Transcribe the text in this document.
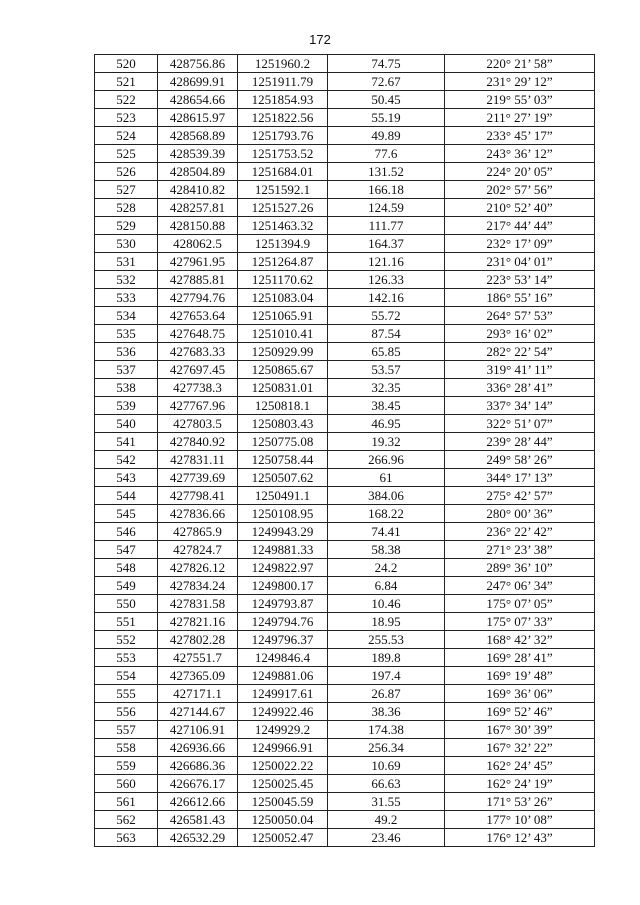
172
520	428756.86	1251960.2	74.75	220° 21’ 58”
521	428699.91	1251911.79	72.67	231° 29’ 12”
522	428654.66	1251854.93	50.45	219° 55’ 03”
523	428615.97	1251822.56	55.19	211° 27’ 19”
524	428568.89	1251793.76	49.89	233° 45’ 17”
525	428539.39	1251753.52	77.6	243° 36’ 12”
526	428504.89	1251684.01	131.52	224° 20’ 05”
527	428410.82	1251592.1	166.18	202° 57’ 56”
528	428257.81	1251527.26	124.59	210° 52’ 40”
529	428150.88	1251463.32	111.77	217° 44’ 44”
530	428062.5	1251394.9	164.37	232° 17’ 09”
531	427961.95	1251264.87	121.16	231° 04’ 01”
532	427885.81	1251170.62	126.33	223° 53’ 14”
533	427794.76	1251083.04	142.16	186° 55’ 16”
534	427653.64	1251065.91	55.72	264° 57’ 53”
535	427648.75	1251010.41	87.54	293° 16’ 02”
536	427683.33	1250929.99	65.85	282° 22’ 54”
537	427697.45	1250865.67	53.57	319° 41’ 11”
538	427738.3	1250831.01	32.35	336° 28’ 41”
539	427767.96	1250818.1	38.45	337° 34’ 14”
540	427803.5	1250803.43	46.95	322° 51’ 07”
541	427840.92	1250775.08	19.32	239° 28’ 44”
542	427831.11	1250758.44	266.96	249° 58’ 26”
543	427739.69	1250507.62	61	344° 17’ 13”
544	427798.41	1250491.1	384.06	275° 42’ 57”
545	427836.66	1250108.95	168.22	280° 00’ 36”
546	427865.9	1249943.29	74.41	236° 22’ 42”
547	427824.7	1249881.33	58.38	271° 23’ 38”
548	427826.12	1249822.97	24.2	289° 36’ 10”
549	427834.24	1249800.17	6.84	247° 06’ 34”
550	427831.58	1249793.87	10.46	175° 07’ 05”
551	427821.16	1249794.76	18.95	175° 07’ 33”
552	427802.28	1249796.37	255.53	168° 42’ 32”
553	427551.7	1249846.4	189.8	169° 28’ 41”
554	427365.09	1249881.06	197.4	169° 19’ 48”
555	427171.1	1249917.61	26.87	169° 36’ 06”
556	427144.67	1249922.46	38.36	169° 52’ 46”
557	427106.91	1249929.2	174.38	167° 30’ 39”
558	426936.66	1249966.91	256.34	167° 32’ 22”
559	426686.36	1250022.22	10.69	162° 24’ 45”
560	426676.17	1250025.45	66.63	162° 24’ 19”
561	426612.66	1250045.59	31.55	171° 53’ 26”
562	426581.43	1250050.04	49.2	177° 10’ 08”
563	426532.29	1250052.47	23.46	176° 12’ 43”
